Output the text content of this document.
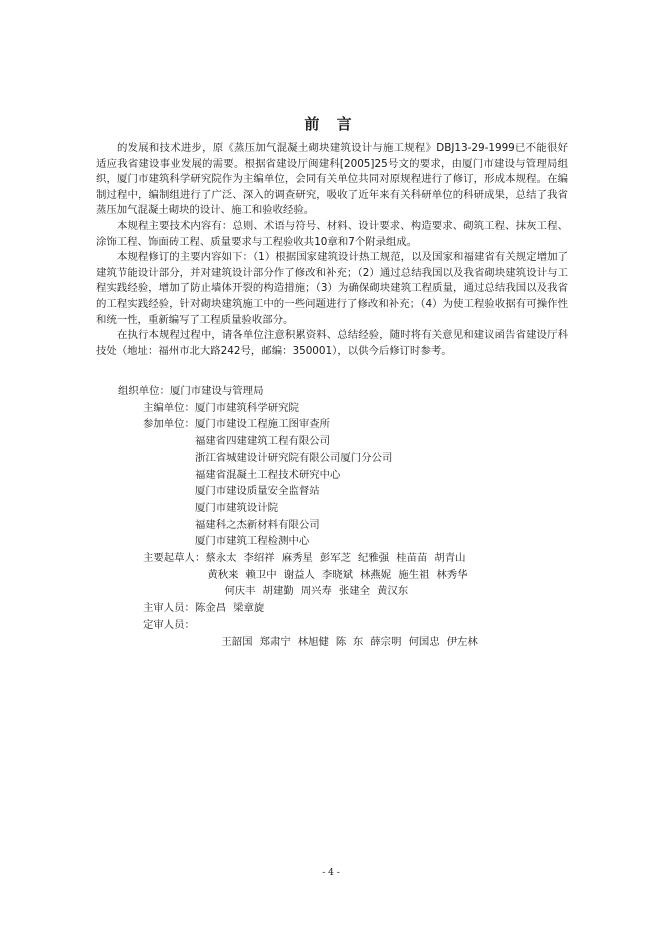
前 言

的发展和技术进步，原《蒸压加气混凝土砌块建筑设计与施工规程》DBJ13-29-1999已不能很好适应我省建设事业发展的需要。根据省建设厅闽建科[2005]25号文的要求，由厦门市建设与管理局组织，厦门市建筑科学研究院作为主编单位，会同有关单位共同对原规程进行了修订，形成本规程。在编制过程中，编制组进行了广泛、深入的调查研究，吸收了近年来有关科研单位的科研成果，总结了我省蒸压加气混凝土砌块的设计、施工和验收经验。

本规程主要技术内容有：总则、术语与符号、材料、设计要求、构造要求、砌筑工程、抹灰工程、涂饰工程、饰面砖工程、质量要求与工程验收共10章和7个附录组成。

本规程修订的主要内容如下：（1）根据国家建筑设计热工规范，以及国家和福建省有关规定增加了建筑节能设计部分，并对建筑设计部分作了修改和补充；（2）通过总结我国以及我省砌块建筑设计与工程实践经验，增加了防止墙体开裂的构造措施；（3）为确保砌块建筑工程质量，通过总结我国以及我省的工程实践经验，针对砌块建筑施工中的一些问题进行了修改和补充；（4）为使工程验收据有可操作性和统一性，重新编写了工程质量验收部分。

在执行本规程过程中，请各单位注意积累资料、总结经验，随时将有关意见和建议函告省建设厅科技处（地址：福州市北大路242号，邮编：350001），以供今后修订时参考。

组织单位： 厦门市建设与管理局
主编单位： 厦门市建筑科学研究院
参加单位： 厦门市建设工程施工图审查所
福建省四建建筑工程有限公司
浙江省城建设计研究院有限公司厦门分公司
福建省混凝土工程技术研究中心
厦门市建设质量安全监督站
厦门市建筑设计院
福建科之杰新材料有限公司
厦门市建筑工程检测中心
主要起草人： 蔡永太 李绍祥 麻秀星 彭军芝 纪雅强 桂苗苗 胡青山
黄秋来 赖卫中 谢益人 李晓斌 林燕妮 施生祖 林秀华
何庆丰 胡建勤 周兴寿 张建全 黄汉东
主审人员： 陈金昌 梁章旋
定审人员：

王韶国 郑肃宁 林旭健 陈  东 薛宗明 何国忠 伊左林

- 4 -
